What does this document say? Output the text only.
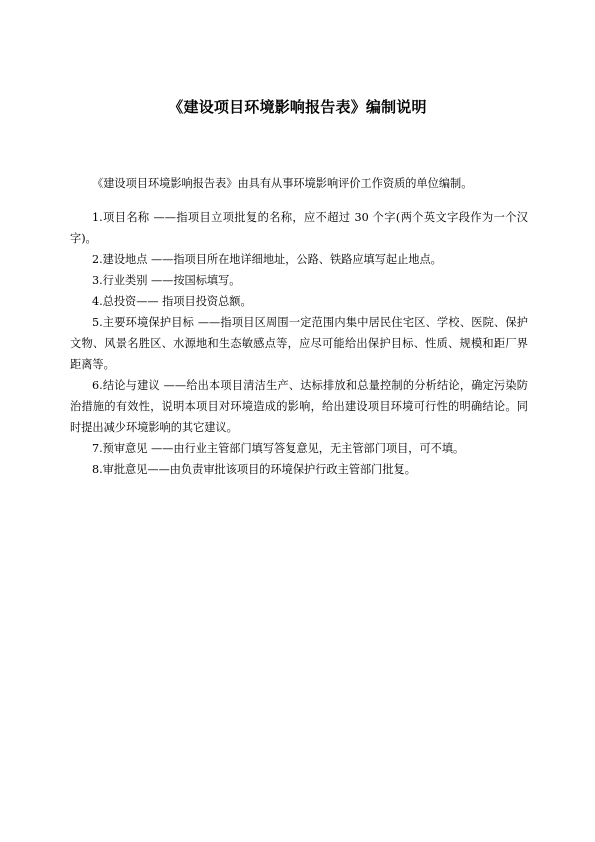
《建设项目环境影响报告表》编制说明

《建设项目环境影响报告表》由具有从事环境影响评价工作资质的单位编制。

1.项目名称 ——指项目立项批复的名称，应不超过 30 个字(两个英文字段作为一个汉字)。

2.建设地点 ——指项目所在地详细地址，公路、铁路应填写起止地点。

3.行业类别 ——按国标填写。

4.总投资—— 指项目投资总额。

5.主要环境保护目标 ——指项目区周围一定范围内集中居民住宅区、学校、医院、保护文物、风景名胜区、水源地和生态敏感点等，应尽可能给出保护目标、性质、规模和距厂界距离等。

6.结论与建议 ——给出本项目清洁生产、达标排放和总量控制的分析结论，确定污染防治措施的有效性，说明本项目对环境造成的影响，给出建设项目环境可行性的明确结论。同时提出减少环境影响的其它建议。

7.预审意见 ——由行业主管部门填写答复意见，无主管部门项目，可不填。

8.审批意见——由负责审批该项目的环境保护行政主管部门批复。
